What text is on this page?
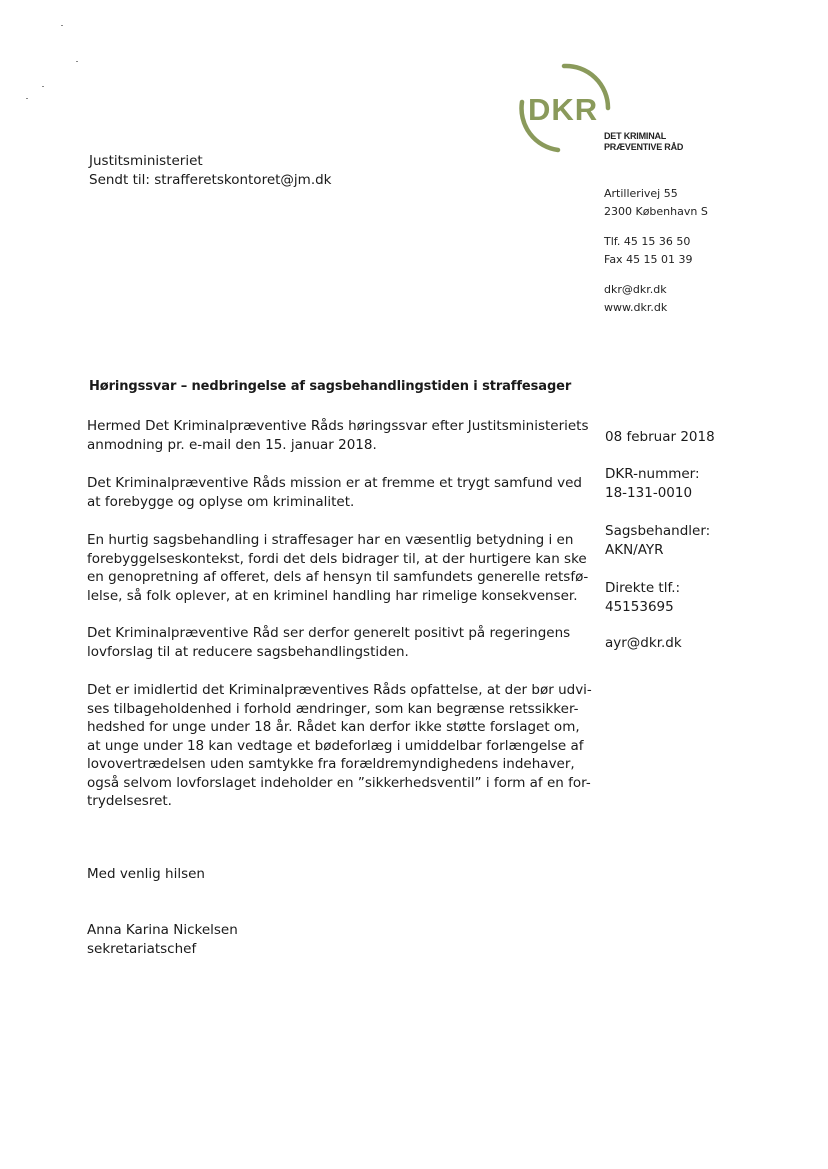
DKR
DET KRIMINAL
PRÆVENTIVE RÅD
Artillerivej 55
2300 København S
Tlf. 45 15 36 50
Fax 45 15 01 39
dkr@dkr.dk
www.dkr.dk
Justitsministeriet
Sendt til: strafferetskontoret@jm.dk
Høringssvar – nedbringelse af sagsbehandlingstiden i straffesager

Hermed Det Kriminalpræventive Råds høringssvar efter Justitsministeriets

anmodning pr. e-mail den 15. januar 2018.

Det Kriminalpræventive Råds mission er at fremme et trygt samfund ved

at forebygge og oplyse om kriminalitet.

En hurtig sagsbehandling i straffesager har en væsentlig betydning i en

forebyggelseskontekst, fordi det dels bidrager til, at der hurtigere kan ske

en genopretning af offeret, dels af hensyn til samfundets generelle retsfø-

lelse, så folk oplever, at en kriminel handling har rimelige konsekvenser.

Det Kriminalpræventive Råd ser derfor generelt positivt på regeringens

lovforslag til at reducere sagsbehandlingstiden.

Det er imidlertid det Kriminalpræventives Råds opfattelse, at der bør udvi-

ses tilbageholdenhed i forhold ændringer, som kan begrænse retssikker-

hedshed for unge under 18 år. Rådet kan derfor ikke støtte forslaget om,

at unge under 18 kan vedtage et bødeforlæg i umiddelbar forlængelse af

lovovertrædelsen uden samtykke fra forældremyndighedens indehaver,

også selvom lovforslaget indeholder en ”sikkerhedsventil” i form af en for-

trydelsesret.

08 februar 2018
DKR-nummer:
18-131-0010
Sagsbehandler:
AKN/AYR
Direkte tlf.:
45153695
ayr@dkr.dk
Med venlig hilsen
Anna Karina Nickelsen
sekretariatschef
